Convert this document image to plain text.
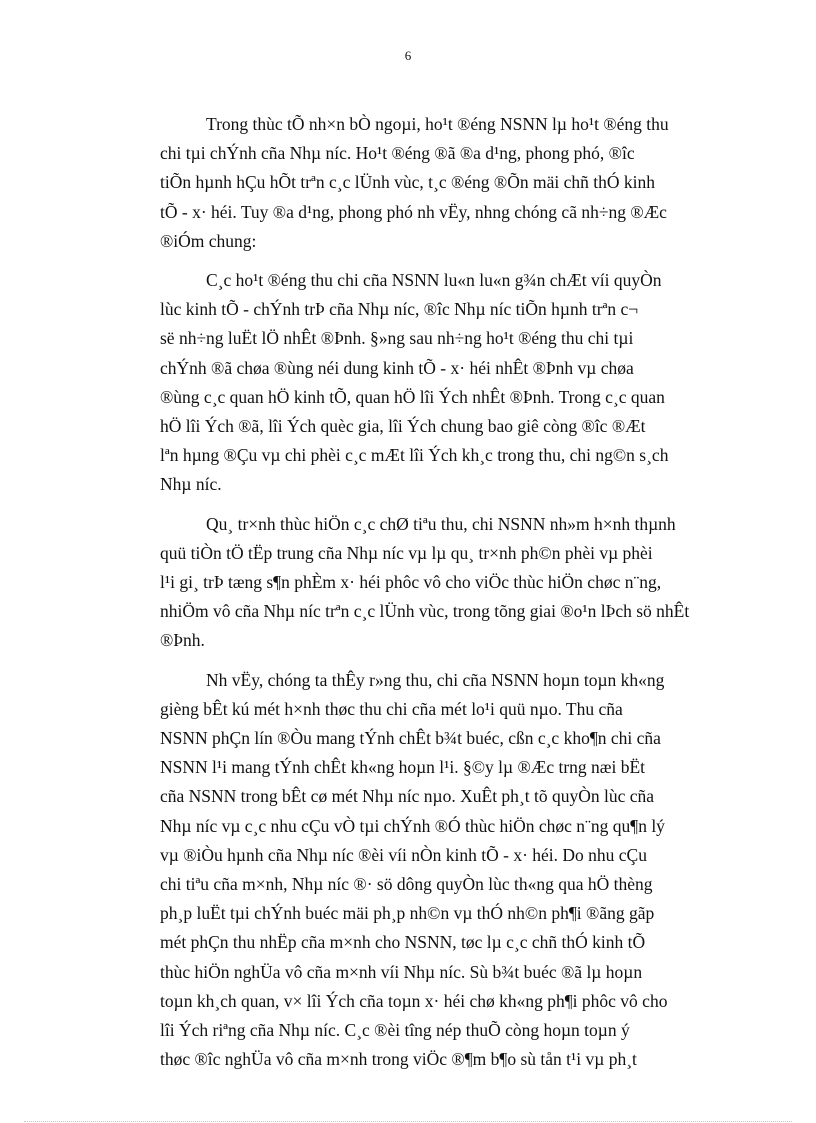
6

Trong thùc tÕ nh×n bÒ ngoµi, ho¹t ®éng NSNN lµ ho¹t ®éng thu
chi tµi chÝnh cña Nhµ níc. Ho¹t ®éng ®ã ®a d¹ng, phong phó, ®îc
tiÕn hµnh hÇu hÕt trªn c¸c lÜnh vùc, t¸c ®éng ®Õn mäi chñ thÓ kinh
tÕ - x· héi. Tuy ®a d¹ng, phong phó nh vËy, nhng chóng cã nh÷ng ®Æc
®iÓm chung:

C¸c ho¹t ®éng thu chi cña NSNN lu«n lu«n g¾n chÆt víi quyÒn
lùc kinh tÕ - chÝnh trÞ cña Nhµ níc, ®îc Nhµ níc tiÕn hµnh trªn c¬
së nh÷ng luËt lÖ nhÊt ®Þnh. §»ng sau nh÷ng ho¹t ®éng thu chi tµi
chÝnh ®ã chøa ®ùng néi dung kinh tÕ - x· héi nhÊt ®Þnh vµ chøa
®ùng c¸c quan hÖ kinh tÕ, quan hÖ lîi Ých nhÊt ®Þnh. Trong c¸c quan
hÖ lîi Ých ®ã, lîi Ých quèc gia, lîi Ých chung bao giê còng ®îc ®Æt
lªn hµng ®Çu vµ chi phèi c¸c mÆt lîi Ých kh¸c trong thu, chi ng©n s¸ch
Nhµ níc.

Qu¸ tr×nh thùc hiÖn c¸c chØ tiªu thu, chi NSNN nh»m h×nh thµnh
quü tiÒn tÖ tËp trung cña Nhµ níc vµ lµ qu¸ tr×nh ph©n phèi vµ phèi
l¹i gi¸ trÞ tæng s¶n phÈm x· héi phôc vô cho viÖc thùc hiÖn chøc n¨ng,
nhiÖm vô cña Nhµ níc trªn c¸c lÜnh vùc, trong tõng giai ®o¹n lÞch sö nhÊt
®Þnh.

Nh vËy, chóng ta thÊy r»ng thu, chi cña NSNN hoµn toµn kh«ng
gièng bÊt kú mét h×nh thøc thu chi cña mét lo¹i quü nµo. Thu cña
NSNN phÇn lín ®Òu mang tÝnh chÊt b¾t buéc, cßn c¸c kho¶n chi cña
NSNN l¹i mang tÝnh chÊt kh«ng hoµn l¹i. §©y lµ ®Æc trng næi bËt
cña NSNN trong bÊt cø mét Nhµ níc nµo. XuÊt ph¸t tõ quyÒn lùc cña
Nhµ níc vµ c¸c nhu cÇu vÒ tµi chÝnh ®Ó thùc hiÖn chøc n¨ng qu¶n lý
vµ ®iÒu hµnh cña Nhµ níc ®èi víi nÒn kinh tÕ - x· héi. Do nhu cÇu
chi tiªu cña m×nh, Nhµ níc ®· sö dông quyÒn lùc th«ng qua hÖ thèng
ph¸p luËt tµi chÝnh buéc mäi ph¸p nh©n vµ thÓ nh©n ph¶i ®ãng gãp
mét phÇn thu nhËp cña m×nh cho NSNN, tøc lµ c¸c chñ thÓ kinh tÕ
thùc hiÖn nghÜa vô cña m×nh víi Nhµ níc. Sù b¾t buéc ®ã lµ hoµn
toµn kh¸ch quan, v× lîi Ých cña toµn x· héi chø kh«ng ph¶i phôc vô cho
lîi Ých riªng cña Nhµ níc. C¸c ®èi tîng nép thuÕ còng hoµn toµn ý
thøc ®îc nghÜa vô cña m×nh trong viÖc ®¶m b¶o sù tån t¹i vµ ph¸t
